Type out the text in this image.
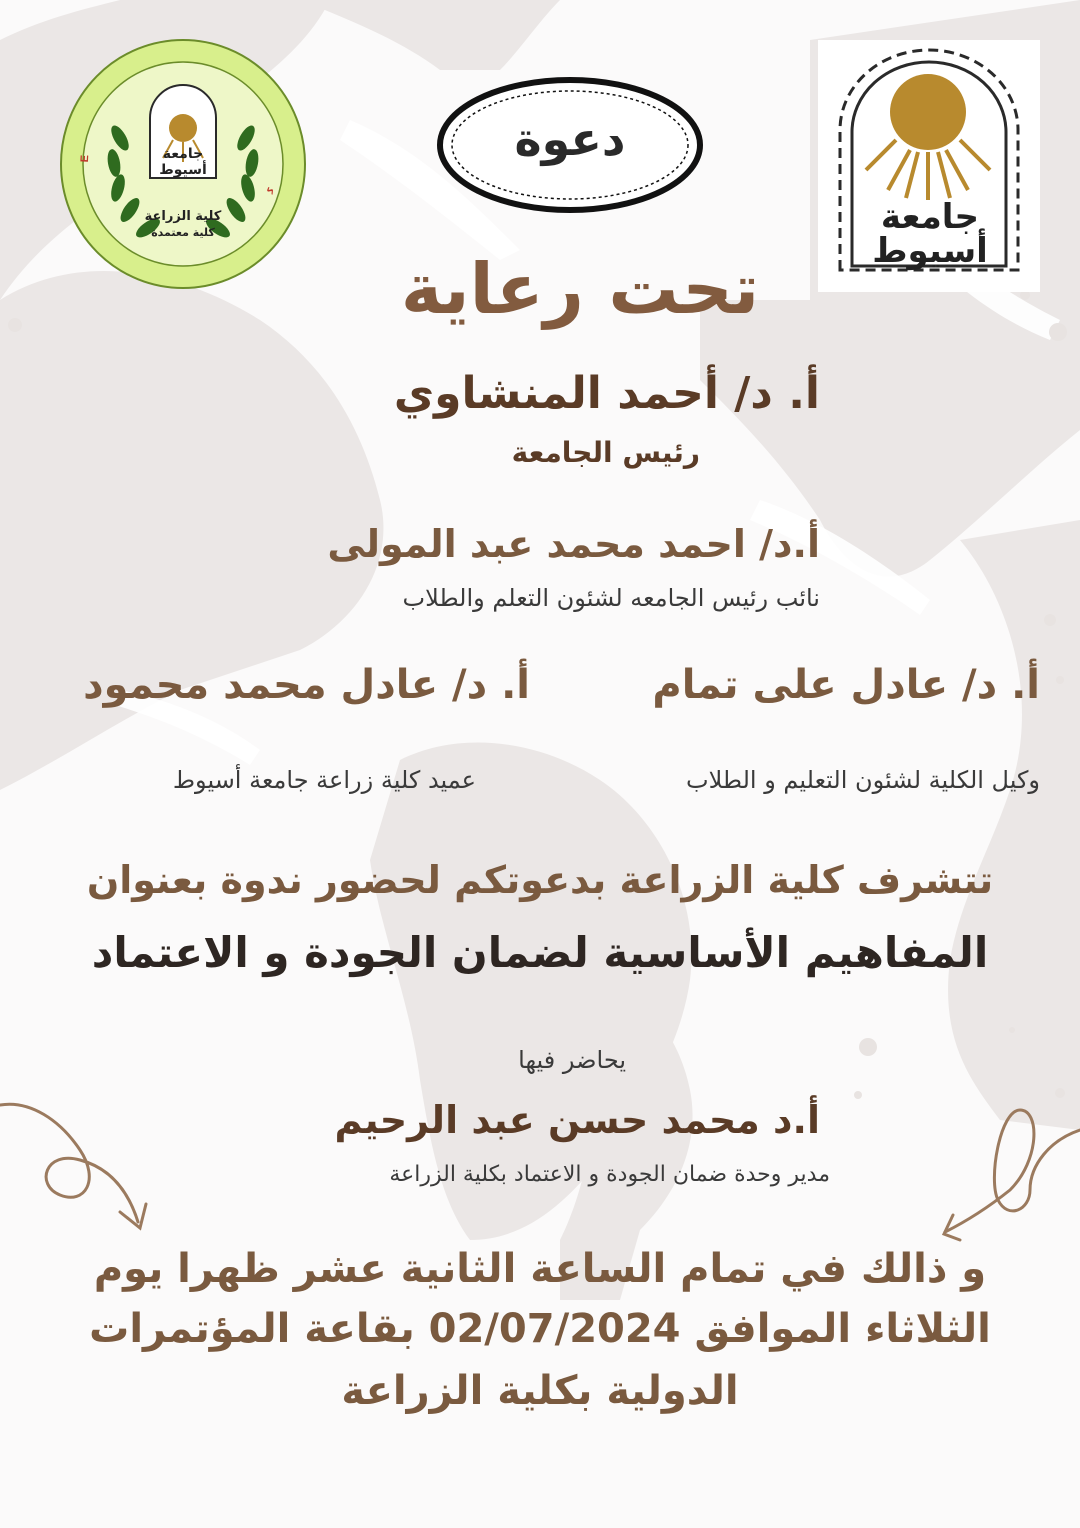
E
ك
جامعة
أسيوط
كلية الزراعة
كلية معتمدة	جامعة
أسيوط
دعوة
تحت رعاية
أ. د/ أحمد المنشاوي
رئيس الجامعة
أ.د/ احمد محمد عبد المولى
نائب رئيس الجامعه لشئون التعلم والطلاب
أ. د/ عادل على تمام
وكيل الكلية لشئون التعليم و الطلاب
أ. د/ عادل محمد محمود
عميد كلية زراعة جامعة أسيوط
تتشرف كلية الزراعة بدعوتكم لحضور ندوة بعنوان
المفاهيم الأساسية لضمان الجودة و الاعتماد
يحاضر فيها
أ.د محمد حسن عبد الرحيم
مدير وحدة ضمان الجودة و الاعتماد بكلية الزراعة
و ذالك في تمام الساعة الثانية عشر ظهرا يوم
الثلاثاء الموافق 02/07/2024 بقاعة المؤتمرات
الدولية بكلية الزراعة
